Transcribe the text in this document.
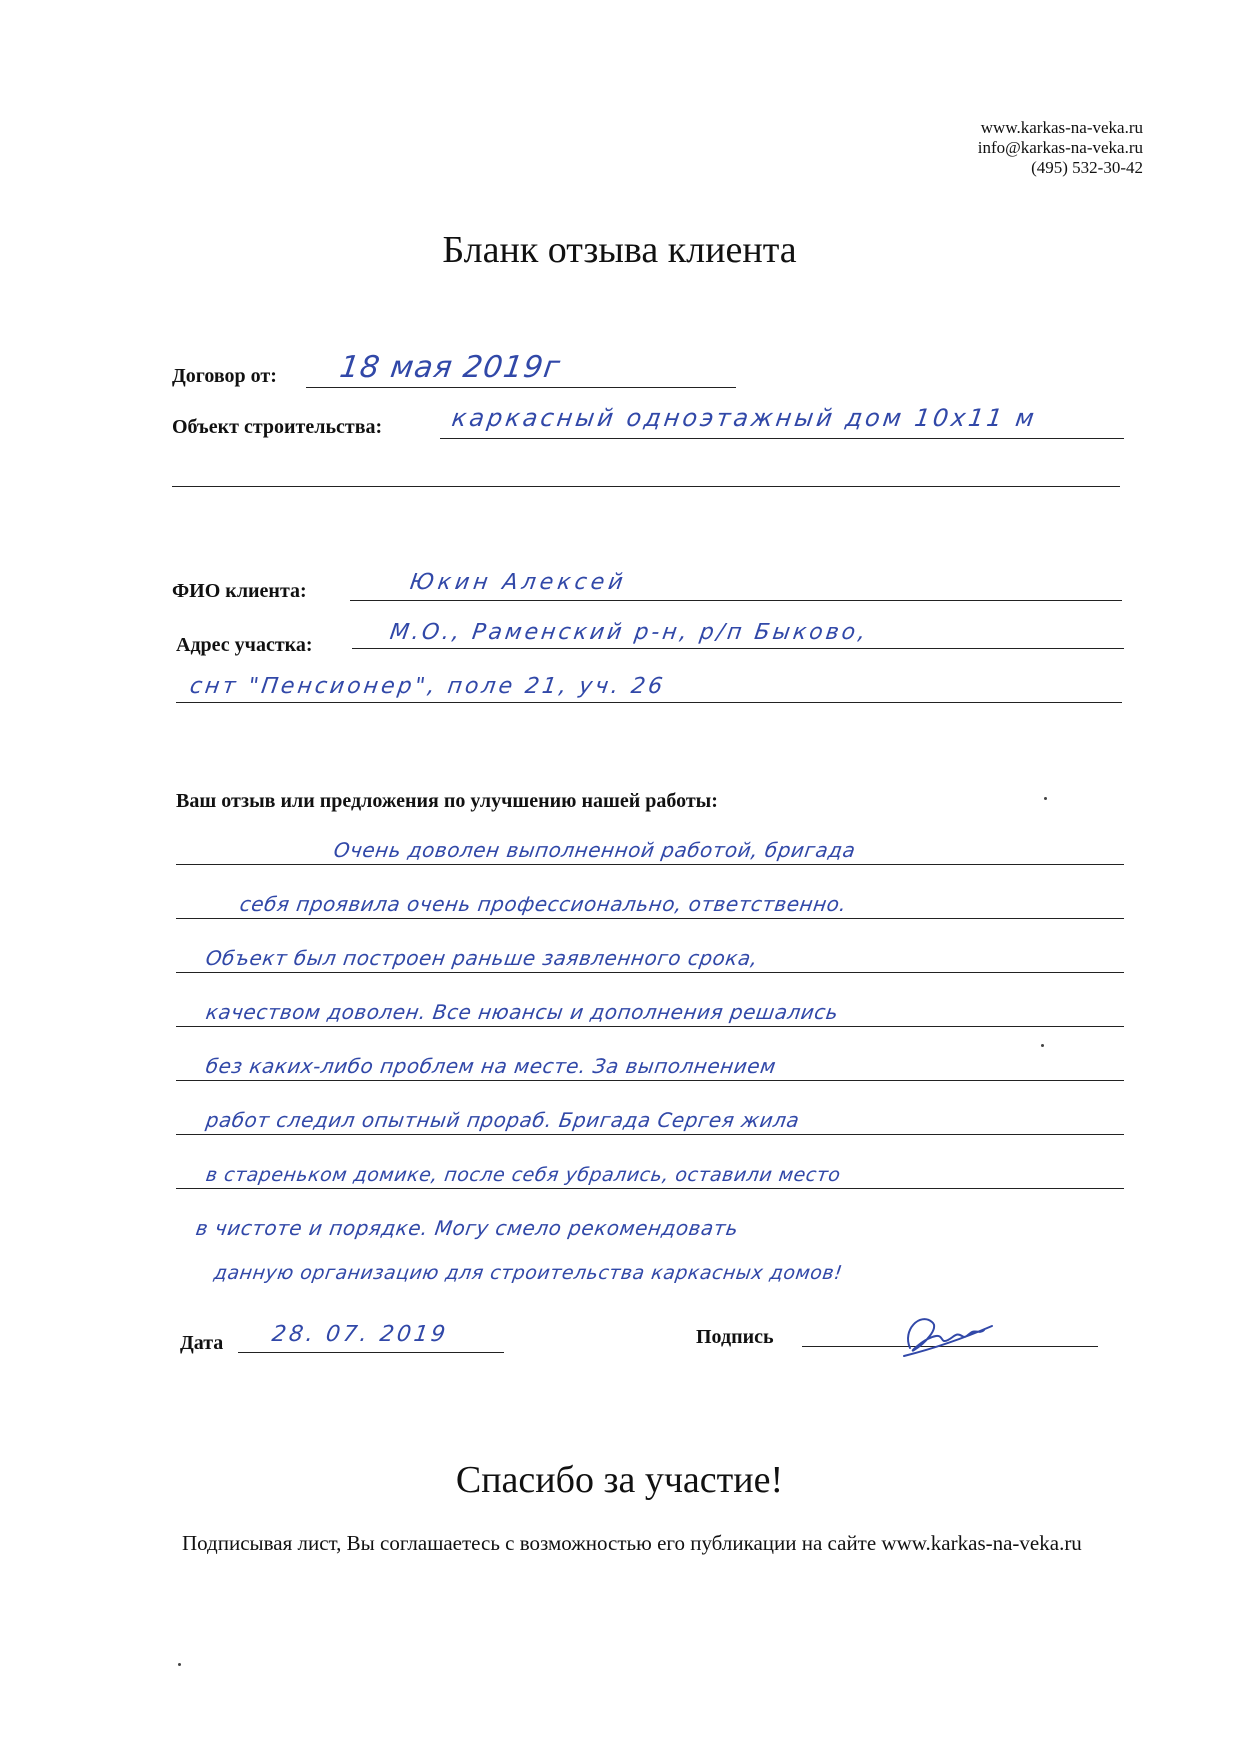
www.karkas-na-veka.ru
info@karkas-na-veka.ru
(495) 532-30-42
Бланк отзыва клиента
Договор от: 18 мая 2019г
Объект строительства:	каркасный одноэтажный дом 10х11 м
ФИО клиента:	Юкин Алексей
Адрес участка:	М.О., Раменский р-н, р/п Быково,
снт "Пенсионер", поле 21, уч. 26
Ваш отзыв или предложения по улучшению нашей работы:
Очень доволен выполненной работой, бригада
себя проявила очень профессионально, ответственно.
Объект был построен раньше заявленного срока,
качеством доволен. Все нюансы и дополнения решались
без каких-либо проблем на месте. За выполнением
работ следил опытный прораб. Бригада Сергея жила
в стареньком домике, после себя убрались, оставили место
в чистоте и порядке. Могу смело рекомендовать
данную организацию для строительства каркасных домов!
Дата 28. 07. 2019	Подпись
Спасибо за участие!
Подписывая лист, Вы соглашаетесь с возможностью его публикации на сайте www.karkas-na-veka.ru
